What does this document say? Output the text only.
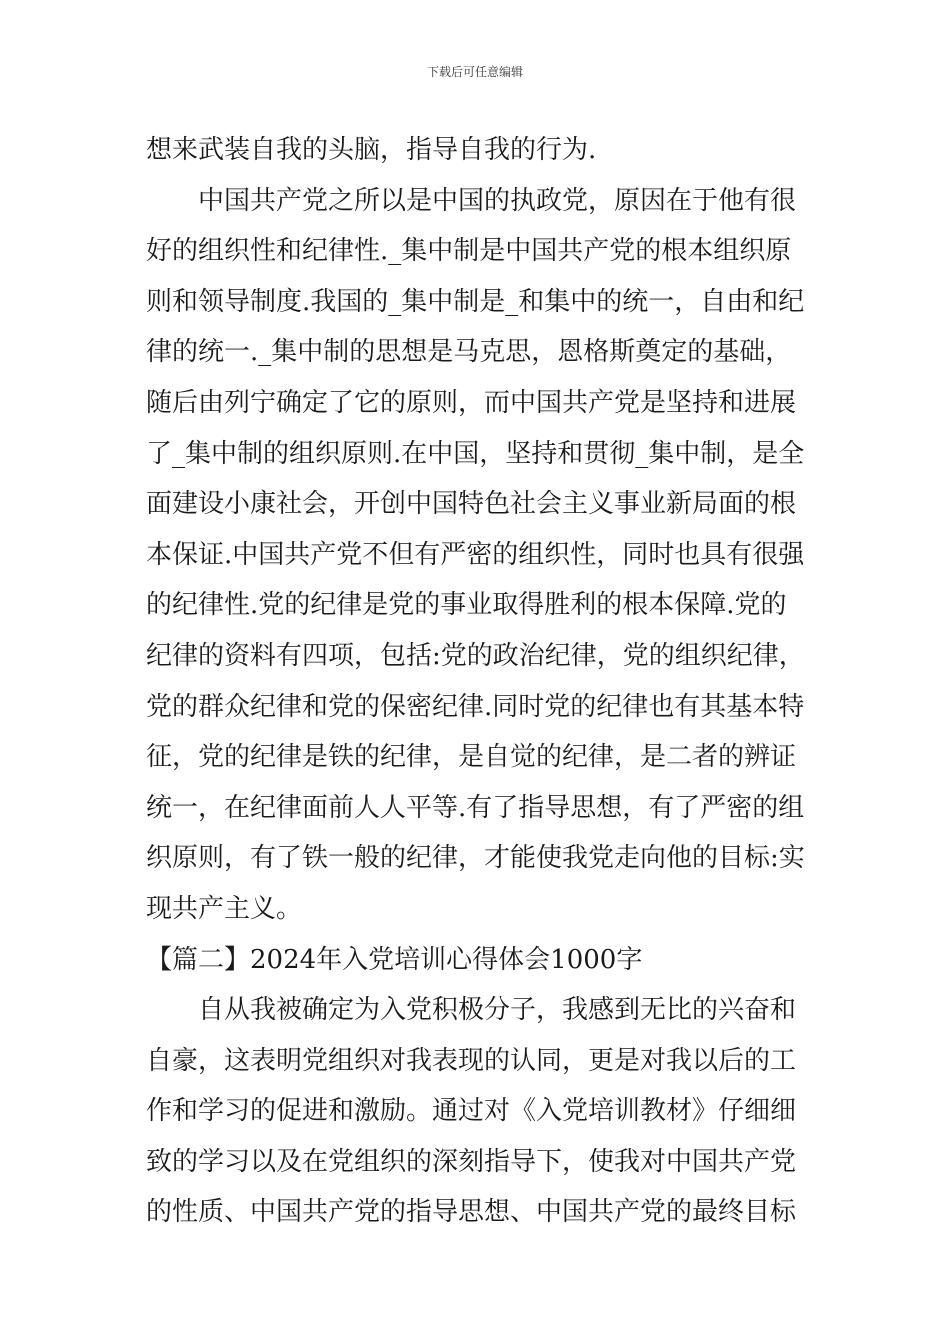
下载后可任意编辑
想来武装自我的头脑，指导自我的行为.
中国共产党之所以是中国的执政党，原因在于他有很
好的组织性和纪律性._集中制是中国共产党的根本组织原
则和领导制度.我国的_集中制是_和集中的统一，自由和纪
律的统一._集中制的思想是马克思，恩格斯奠定的基础，
随后由列宁确定了它的原则，而中国共产党是坚持和进展
了_集中制的组织原则.在中国，坚持和贯彻_集中制，是全
面建设小康社会，开创中国特色社会主义事业新局面的根
本保证.中国共产党不但有严密的组织性，同时也具有很强
的纪律性.党的纪律是党的事业取得胜利的根本保障.党的
纪律的资料有四项，包括:党的政治纪律，党的组织纪律，
党的群众纪律和党的保密纪律.同时党的纪律也有其基本特
征，党的纪律是铁的纪律，是自觉的纪律，是二者的辨证
统一，在纪律面前人人平等.有了指导思想，有了严密的组
织原则，有了铁一般的纪律，才能使我党走向他的目标:实
现共产主义。
【篇二】2024年入党培训心得体会1000字
自从我被确定为入党积极分子，我感到无比的兴奋和
自豪，这表明党组织对我表现的认同，更是对我以后的工
作和学习的促进和激励。通过对《入党培训教材》仔细细
致的学习以及在党组织的深刻指导下，使我对中国共产党
的性质、中国共产党的指导思想、中国共产党的最终目标
